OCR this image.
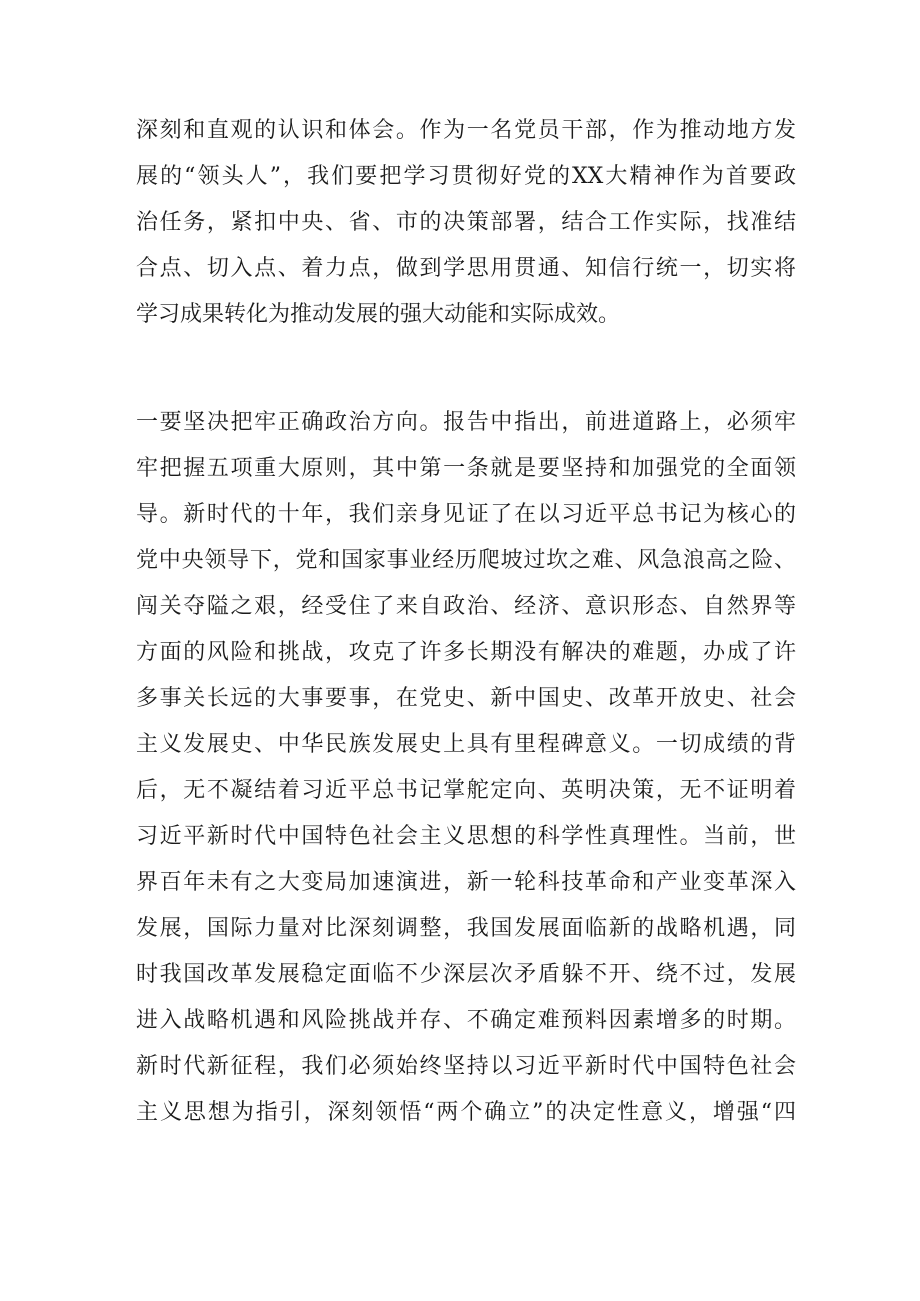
深刻和直观的认识和体会。作为一名党员干部，作为推动地方发
展的“领头人”，我们要把学习贯彻好党的XX大精神作为首要政
治任务，紧扣中央、省、市的决策部署，结合工作实际，找准结
合点、切入点、着力点，做到学思用贯通、知信行统一，切实将
学习成果转化为推动发展的强大动能和实际成效。
一要坚决把牢正确政治方向。报告中指出，前进道路上，必须牢
牢把握五项重大原则，其中第一条就是要坚持和加强党的全面领
导。新时代的十年，我们亲身见证了在以习近平总书记为核心的
党中央领导下，党和国家事业经历爬坡过坎之难、风急浪高之险、
闯关夺隘之艰，经受住了来自政治、经济、意识形态、自然界等
方面的风险和挑战，攻克了许多长期没有解决的难题，办成了许
多事关长远的大事要事，在党史、新中国史、改革开放史、社会
主义发展史、中华民族发展史上具有里程碑意义。一切成绩的背
后，无不凝结着习近平总书记掌舵定向、英明决策，无不证明着
习近平新时代中国特色社会主义思想的科学性真理性。当前，世
界百年未有之大变局加速演进，新一轮科技革命和产业变革深入
发展，国际力量对比深刻调整，我国发展面临新的战略机遇，同
时我国改革发展稳定面临不少深层次矛盾躲不开、绕不过，发展
进入战略机遇和风险挑战并存、不确定难预料因素增多的时期。
新时代新征程，我们必须始终坚持以习近平新时代中国特色社会
主义思想为指引，深刻领悟“两个确立”的决定性意义，增强“四
